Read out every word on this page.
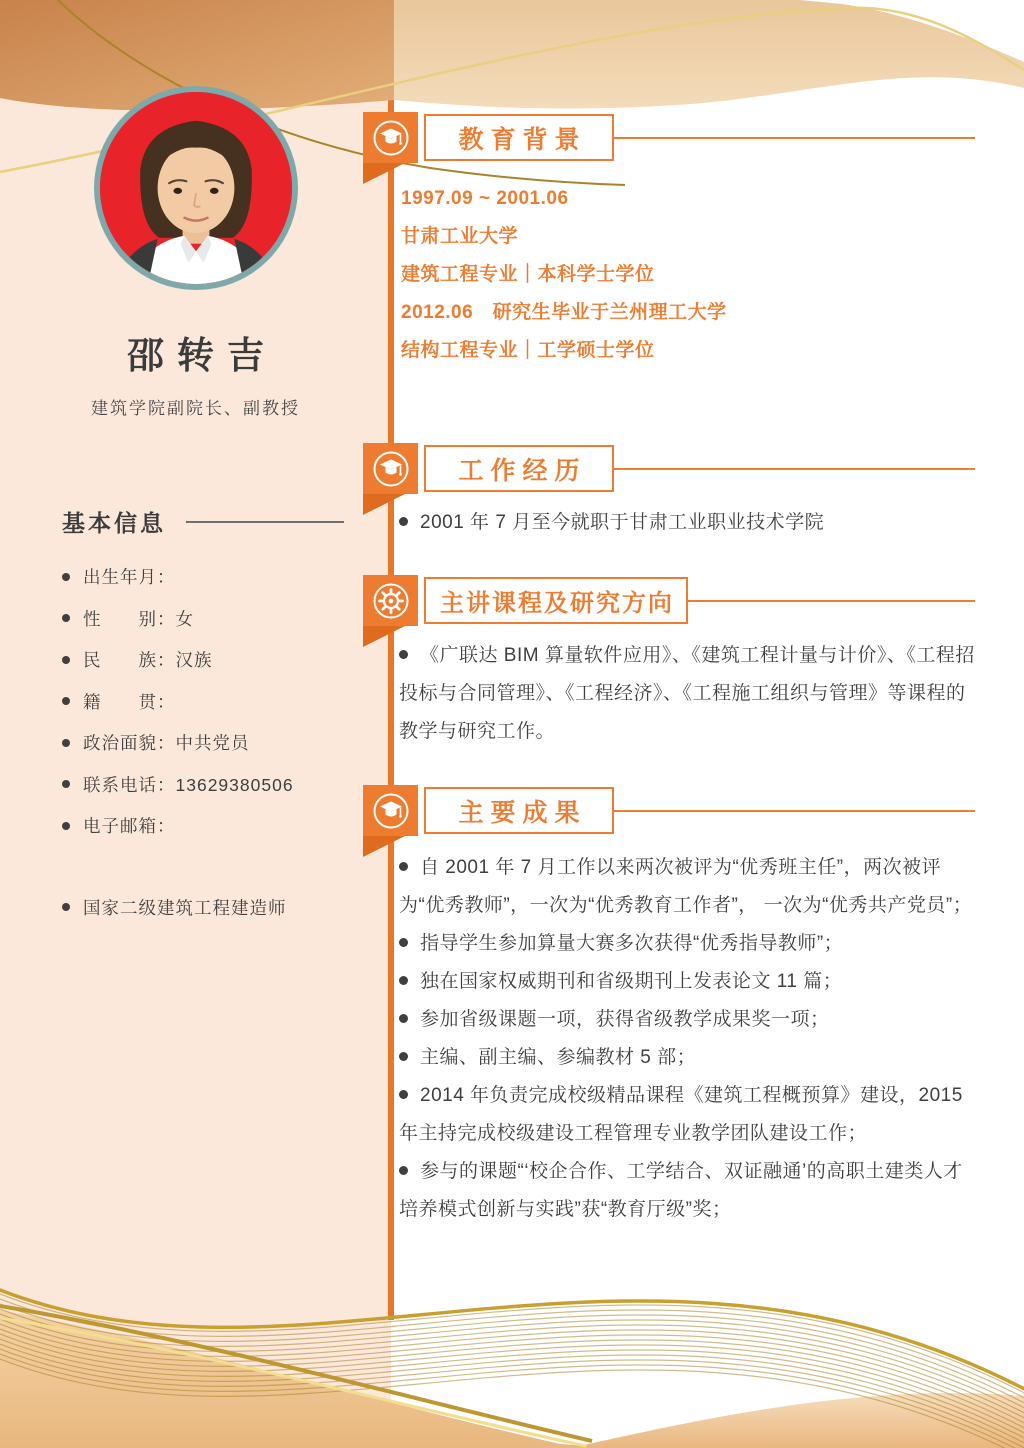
邵转吉
建筑学院副院长、副教授
基本信息
出生年月：
性　　别：女
民　　族：汉族
籍　　贯：
政治面貌：中共党员
联系电话：13629380506
电子邮箱：
国家二级建筑工程建造师
教育背景

1997.09 ~ 2001.06

甘肃工业大学

建筑工程专业｜本科学士学位

2012.06　研究生毕业于兰州理工大学

结构工程专业｜工学硕士学位

工作经历

2001 年 7 月至今就职于甘肃工业职业技术学院

主讲课程及研究方向

《广联达 BIM 算量软件应用》、《建筑工程计量与计价》、《工程招投标与合同管理》、《工程经济》、《工程施工组织与管理》等课程的教学与研究工作。

主要成果

自 2001 年 7 月工作以来两次被评为“优秀班主任”，两次被评为“优秀教师”，一次为“优秀教育工作者”， 一次为“优秀共产党员”；

指导学生参加算量大赛多次获得“优秀指导教师”；

独在国家权威期刊和省级期刊上发表论文 11 篇；

参加省级课题一项，获得省级教学成果奖一项；

主编、副主编、参编教材 5 部；

2014 年负责完成校级精品课程《建筑工程概预算》建设，2015 年主持完成校级建设工程管理专业教学团队建设工作；

参与的课题“‘校企合作、工学结合、双证融通’的高职土建类人才培养模式创新与实践”获“教育厅级”奖；
